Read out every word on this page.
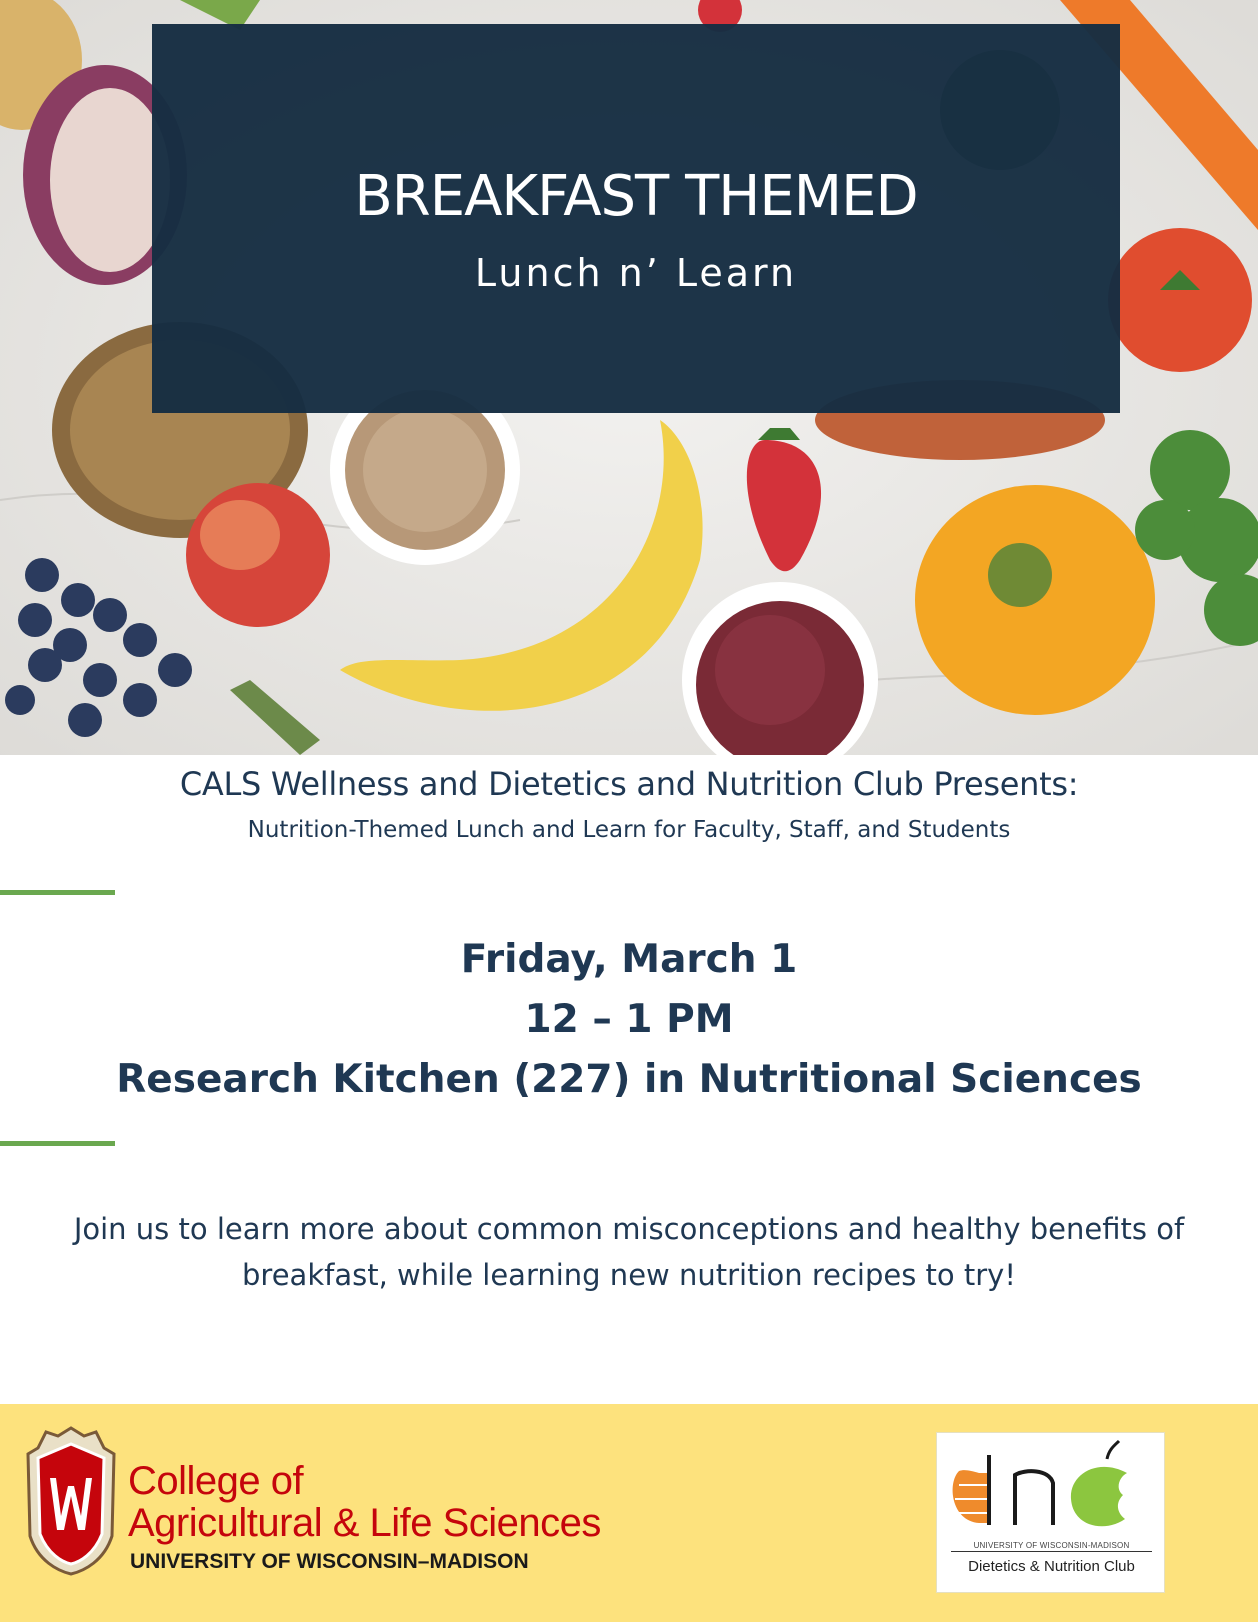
BREAKFAST THEMED
Lunch n’ Learn
CALS Wellness and Dietetics and Nutrition Club Presents:
Nutrition-Themed Lunch and Learn for Faculty, Staff, and Students
Friday, March 1
12 – 1 PM
Research Kitchen (227) in Nutritional Sciences
Join us to learn more about common misconceptions and healthy benefits of
breakfast, while learning new nutrition recipes to try!
College of
Agricultural & Life Sciences
UNIVERSITY OF WISCONSIN–MADISON
UNIVERSITY OF WISCONSIN-MADISON
Dietetics & Nutrition Club
